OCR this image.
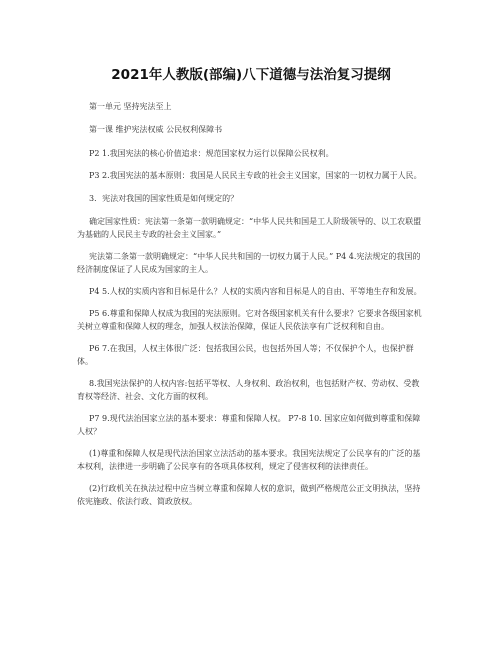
2021年人教版(部编)八下道德与法治复习提纲

第一单元 坚持宪法至上

第一课 维护宪法权威 公民权利保障书

P2 1.我国宪法的核心价值追求：规范国家权力运行以保障公民权利。

P3 2.我国宪法的基本原则：我国是人民民主专政的社会主义国家，国家的一切权力属于人民。

3．宪法对我国的国家性质是如何规定的？

确定国家性质：宪法第一条第一款明确规定：“中华人民共和国是工人阶级领导的、以工农联盟为基础的人民民主专政的社会主义国家。”

宪法第二条第一款明确规定：“中华人民共和国的一切权力属于人民。” P4 4.宪法规定的我国的经济制度保证了人民成为国家的主人。

P4 5.人权的实质内容和目标是什么？人权的实质内容和目标是人的自由、平等地生存和发展。

P5 6.尊重和保障人权成为我国的宪法原则。它对各级国家机关有什么要求？它要求各级国家机关树立尊重和保障人权的理念，加强人权法治保障，保证人民依法享有广泛权利和自由。

P6 7.在我国，人权主体很广泛：包括我国公民，也包括外国人等；不仅保护个人，也保护群体。

8.我国宪法保护的人权内容:包括平等权、人身权利、政治权利，也包括财产权、劳动权、受教育权等经济、社会、文化方面的权利。

P7 9.现代法治国家立法的基本要求：尊重和保障人权。 P7-8 10. 国家应如何做到尊重和保障人权？

(1)尊重和保障人权是现代法治国家立法活动的基本要求。我国宪法规定了公民享有的广泛的基本权利，法律进一步明确了公民享有的各项具体权利，规定了侵害权利的法律责任。

(2)行政机关在执法过程中应当树立尊重和保障人权的意识，做到严格规范公正文明执法，坚持依宪施政、依法行政、简政放权。
